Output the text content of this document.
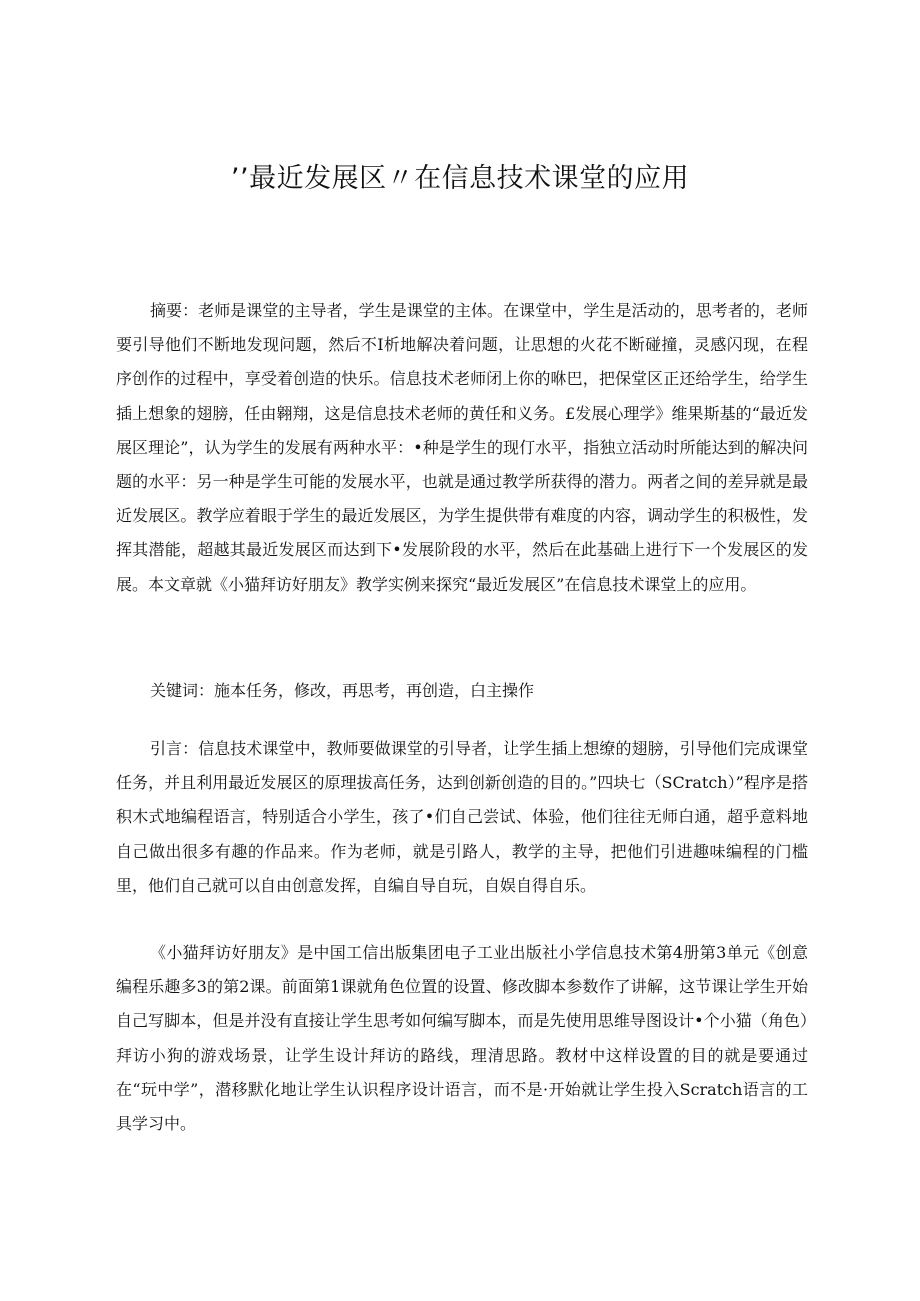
’’最近发展区〃在信息技术课堂的应用

摘要：老师是课堂的主导者，学生是课堂的主体。在课堂中，学生是活动的，思考者的，老师要引导他们不断地发现问题，然后不I析地解决着问题，让思想的火花不断碰撞，灵感闪现，在程序创作的过程中，享受着创造的快乐。信息技术老师闭上你的咻巴，把保堂区正还给学生，给学生插上想象的翅膀，任由翱翔，这是信息技术老师的黄任和义务。£发展心理学》维果斯基的“最近发展区理论”，认为学生的发展有两种水平：•种是学生的现仃水平，指独立活动时所能达到的解决问题的水平：另一种是学生可能的发展水平，也就是通过教学所获得的潜力。两者之间的差异就是最近发展区。教学应着眼于学生的最近发展区，为学生提供带有难度的内容，调动学生的积极性，发挥其潜能，超越其最近发展区而达到下•发展阶段的水平，然后在此基础上进行下一个发展区的发展。本文章就《小猫拜访好朋友》教学实例来探究“最近发展区”在信息技术课堂上的应用。

关键词：施本任务，修改，再思考，再创造，白主操作

引言：信息技术课堂中，教师要做课堂的引导者，让学生插上想缭的翅膀，引导他们完成课堂任务，并且利用最近发展区的原理拔高任务，达到创新创造的目的。”四块七（SCratch）”程序是搭积木式地编程语言，特别适合小学生，孩了•们自己尝试、体验，他们往往无师白通，超乎意料地自己做出很多有趣的作品来。作为老师，就是引路人，教学的主导，把他们引进趣味编程的门槛里，他们自己就可以自由创意发挥，自编自导自玩，自娱自得自乐。

《小猫拜访好朋友》是中国工信出版集团电子工业出版社小学信息技术第4册第3单元《创意编程乐趣多3的第2课。前面第1课就角色位置的设置、修改脚本参数作了讲解，这节课让学生开始自己写脚本，但是并没有直接让学生思考如何编写脚本，而是先使用思维导图设计•个小猫（角色）拜访小狗的游戏场景，让学生设计拜访的路线，理清思路。教材中这样设置的目的就是要通过在“玩中学”，潜移默化地让学生认识程序设计语言，而不是·开始就让学生投入Scratch语言的工具学习中。
